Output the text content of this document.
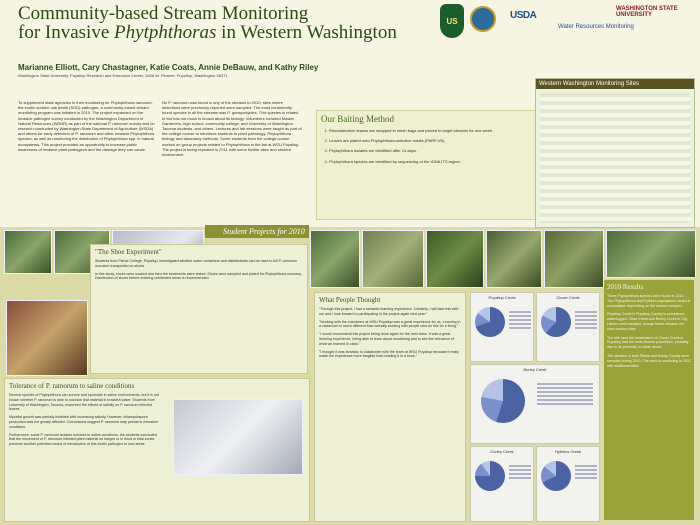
Community-based Stream Monitoring
for Invasive Phytphthoras in Western Washington
US	USDA
Water Resources Monitoring
WASHINGTON STATE UNIVERSITY
Marianne Elliott, Cary Chastagner, Katie Coats, Annie DeBauw, and Kathy Riley
Washington State University, Puyallup Research and Extension Center, 2606 W. Pioneer, Puyallup, Washington 98371
To supplement state agencies in their monitoring for Phytophthora ramorum, the exotic sudden oak death (SOD) pathogen, a community-based stream monitoring program was initiated in 2010. The project expanded on the invasive pathogen survey conducted by the Washington Department of Natural Resources (WDNR) as part of the national P. ramorum survey and on research conducted by Washington State Department of Agriculture (WSDA) and others for early detection of P. ramorum and other invasive Phytophthora species, as well as monitoring the distribution of Phytophthora spp. in natural ecosystems. This project provided an opportunity to increase public awareness of invasive plant pathogens and the damage they can cause.
No P. ramorum was found in any of the streams in 2010; sites where detections were previously reported were sampled. The most consistently found species in all the streams was P. gonapodyides. This species is related to but has not much is known about its biology. Volunteers included Master Gardeners, high school, community college, and University of Washington Tacoma students, and others. Lectures and lab sessions were taught as part of the college course to introduce students to plant pathology, Phytophthora biology and laboratory methods. Some students from the college course worked on group projects related to Phytophthora in the lab at WSU Puyallup. The project is being repeated in 2011 with some further sites and student involvement.
Our Baiting Method
1. Rhododendron leaves are wrapped in mesh bags and placed in target streams for one week.
2. Leaves are plated onto Phytophthora-selective media (PARP-V8).
3. Phytophthora isolates are identified after 14 days.
4. Phytophthora species are identified by sequencing of the rDNA ITS region.
Western Washington Monitoring Sites
Student Projects for 2010
"The Shoe Experiment"

Students from Pierce College, Puyallup, investigated whether water containers and disinfectants can be used to kill P. ramorum inoculum transported on shoes.

In this study, shoes were soaked and then the treatments were tested. Shoes were sampled and plated for Phytophthora recovery. Disinfection of shoes before entering uninfested areas is recommended.

Tolerance of P. ramorum to saline conditions

Several species of Phytophthora can survive and sporulate in saline environments, but it is not known whether P. ramorum is able to colonize leaf material in brackish water. Students from University of Washington, Tacoma, examined the effects of salinity on P. ramorum infected leaves.

Mycelial growth was partially inhibited with increasing salinity. However, chlamydospore production was not greatly affected. Conclusions suggest P. ramorum may persist in estuarine conditions.

Furthermore, some P. ramorum isolates survived in saline conditions, the students concluded that the movement of P. ramorum infested plant material on barges or in flood or tidal zones presents another potential means of introduction of this exotic pathogen to new areas.

What People Thought

"Through this project, I had a fantastic learning experience. Certainly, I will take this with me and I look forward to participating in the project again next year."

"Working with the volunteers at WSU Puyallup was a great experience for us. Learning in a classroom is much different than actually working with people who do this for a living."

"I would recommend this project being done again for the next class. It was a great learning experience, being able to learn about monitoring and to see the relevance of what we learned in class."

"I thought it was fantastic to collaborate with the team at WSU Puyallup because it really made the experience more tangible than reading it in a book."

Puyallup Creek	Clover Creek
Burley Creek
Curley Creek	Hylebos Creek
2010 Results

Three Phytophthora species were found in 2010. The Phytophthora and Pythium populations varied in composition depending on the stream sampled.

Puyallup Creek in Puyallup County is sometimes waterlogged. Clear Creek and Burley Creek in Gig Harbor were sampled, though these streams are near nursery sites.

The site near the headwaters of Clover Creek in Puyallup had the most diverse population, probably due to its proximity to urban areas.

The streams in both Pierce and Kitsap County were sampled during 2010. The work is continuing in 2011 with additional sites.
